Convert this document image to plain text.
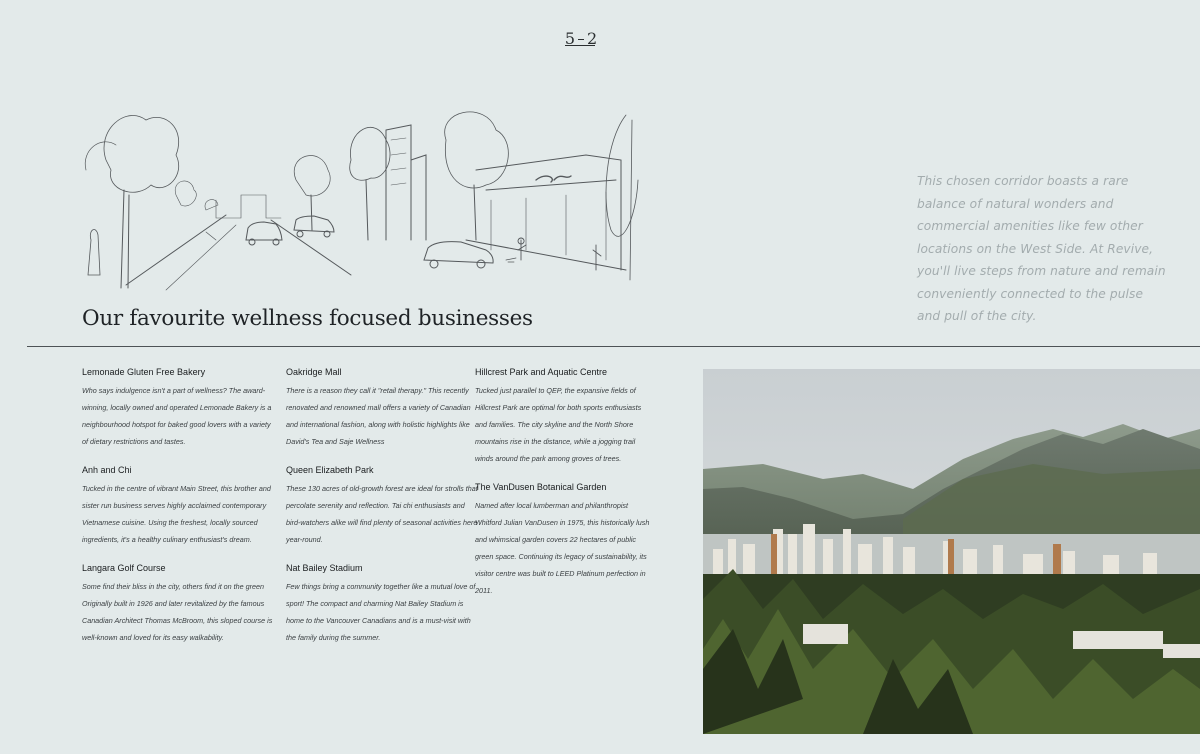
5 2
This chosen corridor boasts a rare balance of natural wonders and commercial amenities like few other locations on the West Side. At Revive, you'll live steps from nature and remain conveniently connected to the pulse and pull of the city.
Our favourite wellness focused businesses
Lemonade Gluten Free Bakery

Who says indulgence isn't a part of wellness? The award-winning, locally owned and operated Lemonade Bakery is a neighbourhood hotspot for baked good lovers with a variety of dietary restrictions and tastes.

Anh and Chi

Tucked in the centre of vibrant Main Street, this brother and sister run business serves highly acclaimed contemporary Vietnamese cuisine. Using the freshest, locally sourced ingredients, it's a healthy culinary enthusiast's dream.

Langara Golf Course

Some find their bliss in the city, others find it on the green Originally built in 1926 and later revitalized by the famous Canadian Architect Thomas McBroom, this sloped course is well-known and loved for its easy walkability.

Oakridge Mall

There is a reason they call it "retail therapy." This recently renovated and renowned mall offers a variety of Canadian and international fashion, along with holistic highlights like David's Tea and Saje Wellness

Queen Elizabeth Park

These 130 acres of old-growth forest are ideal for strolls that percolate serenity and reflection. Tai chi enthusiasts and bird-watchers alike will find plenty of seasonal activities here year-round.

Nat Bailey Stadium

Few things bring a community together like a mutual love of sport! The compact and charming Nat Bailey Stadium is home to the Vancouver Canadians and is a must-visit with the family during the summer.

Hillcrest Park and Aquatic Centre

Tucked just parallel to QEP, the expansive fields of Hillcrest Park are optimal for both sports enthusiasts and families. The city skyline and the North Shore mountains rise in the distance, while a jogging trail winds around the park among groves of trees.

The VanDusen Botanical Garden

Named after local lumberman and philanthropist Whitford Julian VanDusen in 1975, this historically lush and whimsical garden covers 22 hectares of public green space. Continuing its legacy of sustainability, its visitor centre was built to LEED Platinum perfection in 2011.
